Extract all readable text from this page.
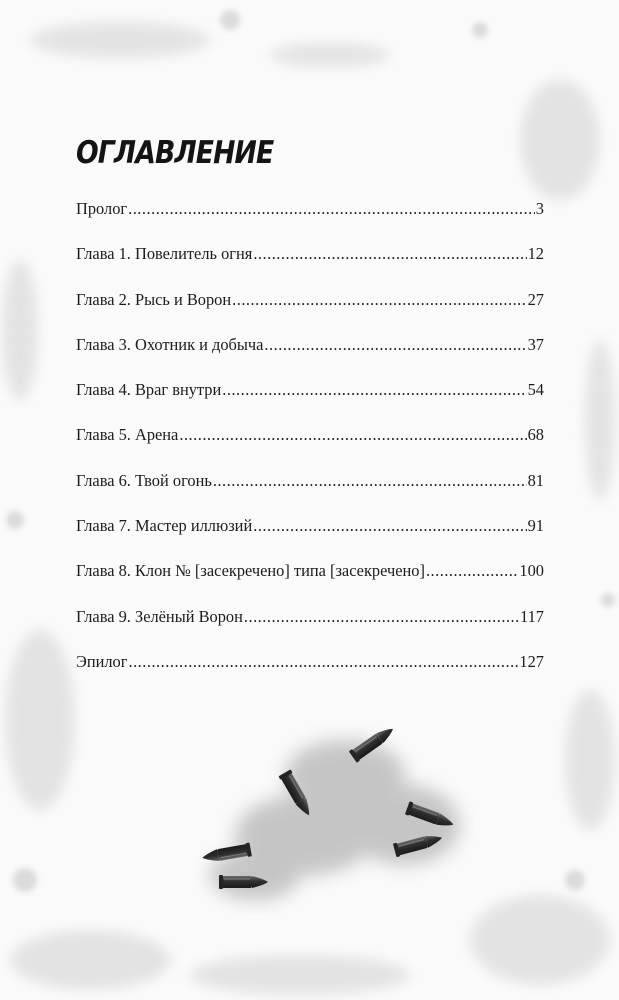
ОГЛАВЛЕНИЕ
Пролог .....	3
Глава 1. Повелитель огня .....	12
Глава 2. Рысь и Ворон .....	27
Глава 3. Охотник и добыча .....	37
Глава 4. Враг внутри .....	54
Глава 5. Арена .....	68
Глава 6. Твой огонь .....	81
Глава 7. Мастер иллюзий .....	91
Глава 8. Клон № [засекречено] типа [засекречено] .....	100
Глава 9. Зелёный Ворон .....	117
Эпилог .....	127
